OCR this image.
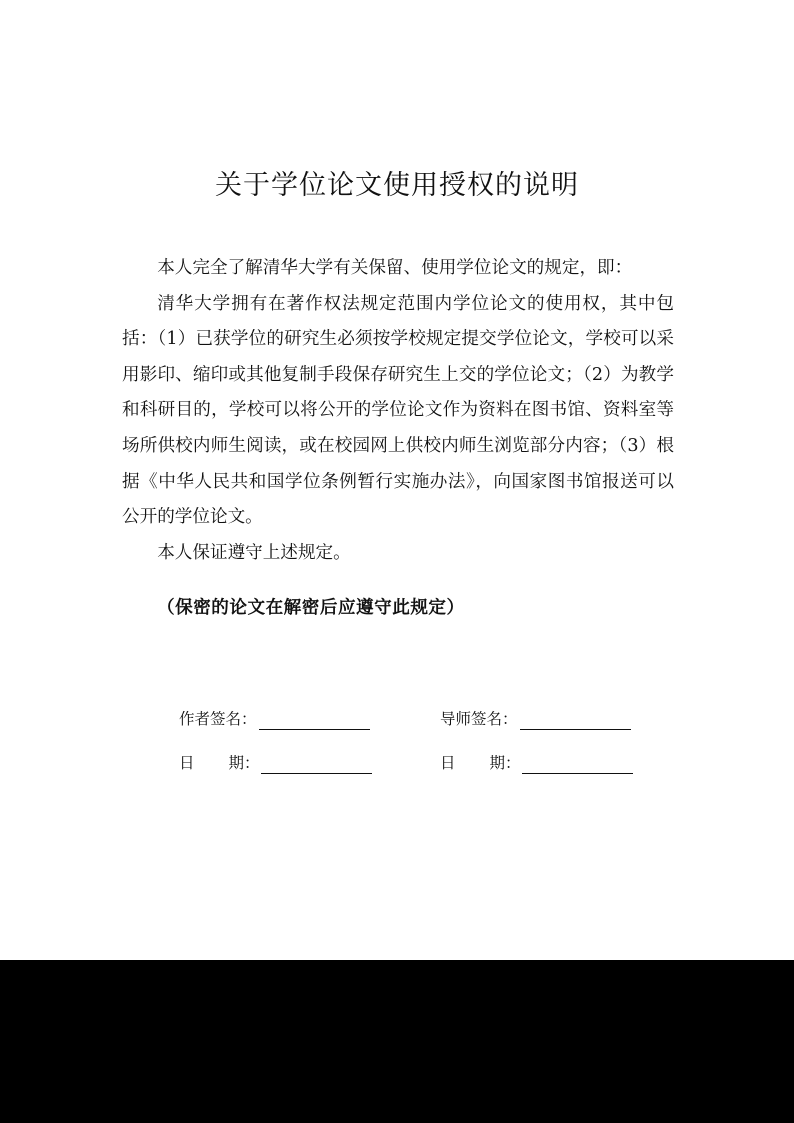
关于学位论文使用授权的说明

本人完全了解清华大学有关保留、使用学位论文的规定，即：

清华大学拥有在著作权法规定范围内学位论文的使用权，其中包括：（1）已获学位的研究生必须按学校规定提交学位论文，学校可以采用影印、缩印或其他复制手段保存研究生上交的学位论文；（2）为教学和科研目的，学校可以将公开的学位论文作为资料在图书馆、资料室等场所供校内师生阅读，或在校园网上供校内师生浏览部分内容；（3）根据《中华人民共和国学位条例暂行实施办法》，向国家图书馆报送可以公开的学位论文。

本人保证遵守上述规定。

（保密的论文在解密后应遵守此规定）
作者签名：	导师签名：
日 期：	日 期：
